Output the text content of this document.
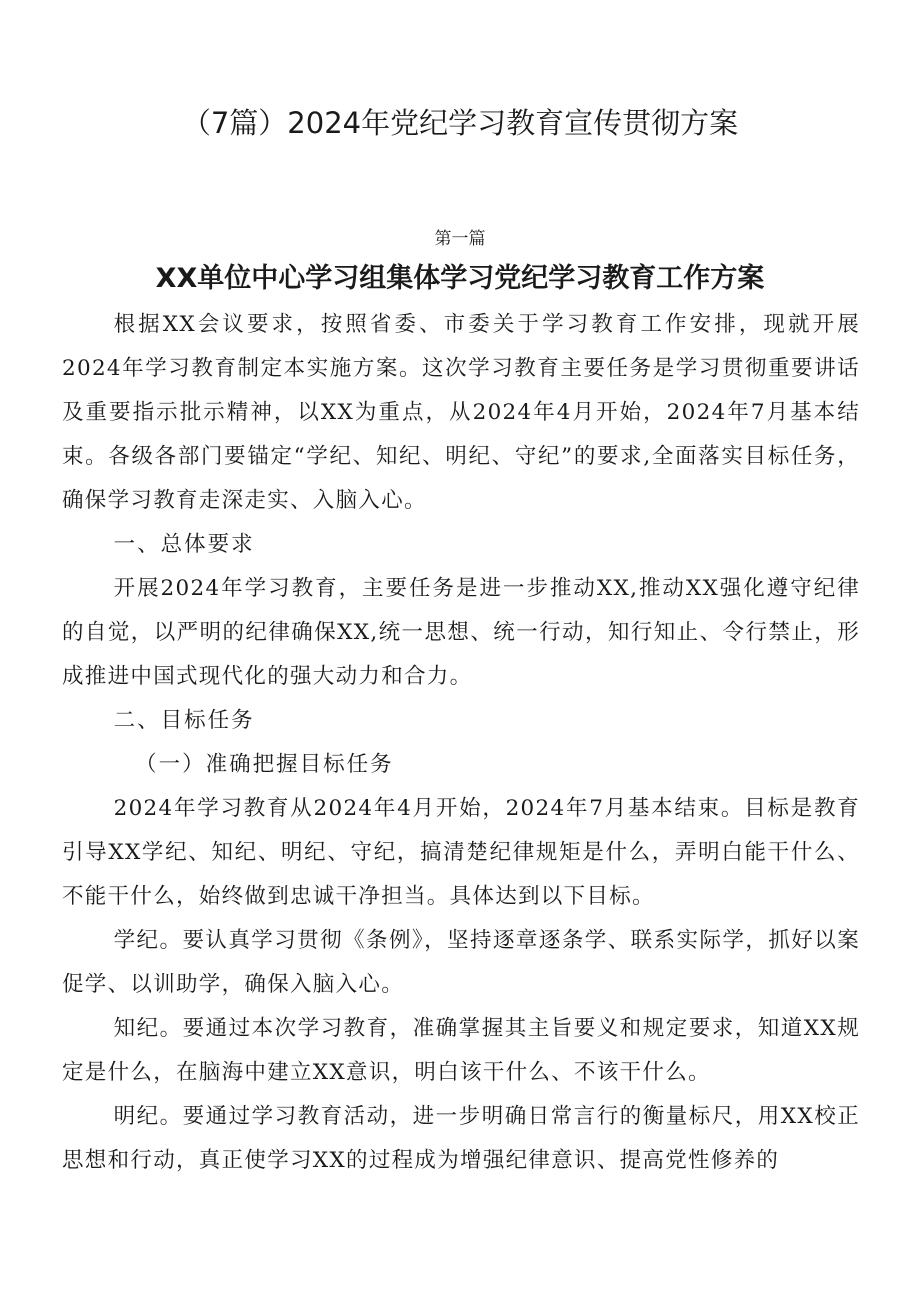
（7篇）2024年党纪学习教育宣传贯彻方案
第一篇
XX单位中心学习组集体学习党纪学习教育工作方案

根据XX会议要求，按照省委、市委关于学习教育工作安排，现就开展2024年学习教育制定本实施方案。这次学习教育主要任务是学习贯彻重要讲话及重要指示批示精神，以XX为重点，从2024年4月开始，2024年7月基本结束。各级各部门要锚定“学纪、知纪、明纪、守纪”的要求,全面落实目标任务，确保学习教育走深走实、入脑入心。

一、总体要求

开展2024年学习教育，主要任务是进一步推动XX,推动XX强化遵守纪律的自觉，以严明的纪律确保XX,统一思想、统一行动，知行知止、令行禁止，形成推进中国式现代化的强大动力和合力。

二、目标任务

（一）准确把握目标任务

2024年学习教育从2024年4月开始，2024年7月基本结束。目标是教育引导XX学纪、知纪、明纪、守纪，搞清楚纪律规矩是什么，弄明白能干什么、不能干什么，始终做到忠诚干净担当。具体达到以下目标。

学纪。要认真学习贯彻《条例》，坚持逐章逐条学、联系实际学，抓好以案促学、以训助学，确保入脑入心。

知纪。要通过本次学习教育，准确掌握其主旨要义和规定要求，知道XX规定是什么，在脑海中建立XX意识，明白该干什么、不该干什么。

明纪。要通过学习教育活动，进一步明确日常言行的衡量标尺，用XX校正思想和行动，真正使学习XX的过程成为增强纪律意识、提高党性修养的
